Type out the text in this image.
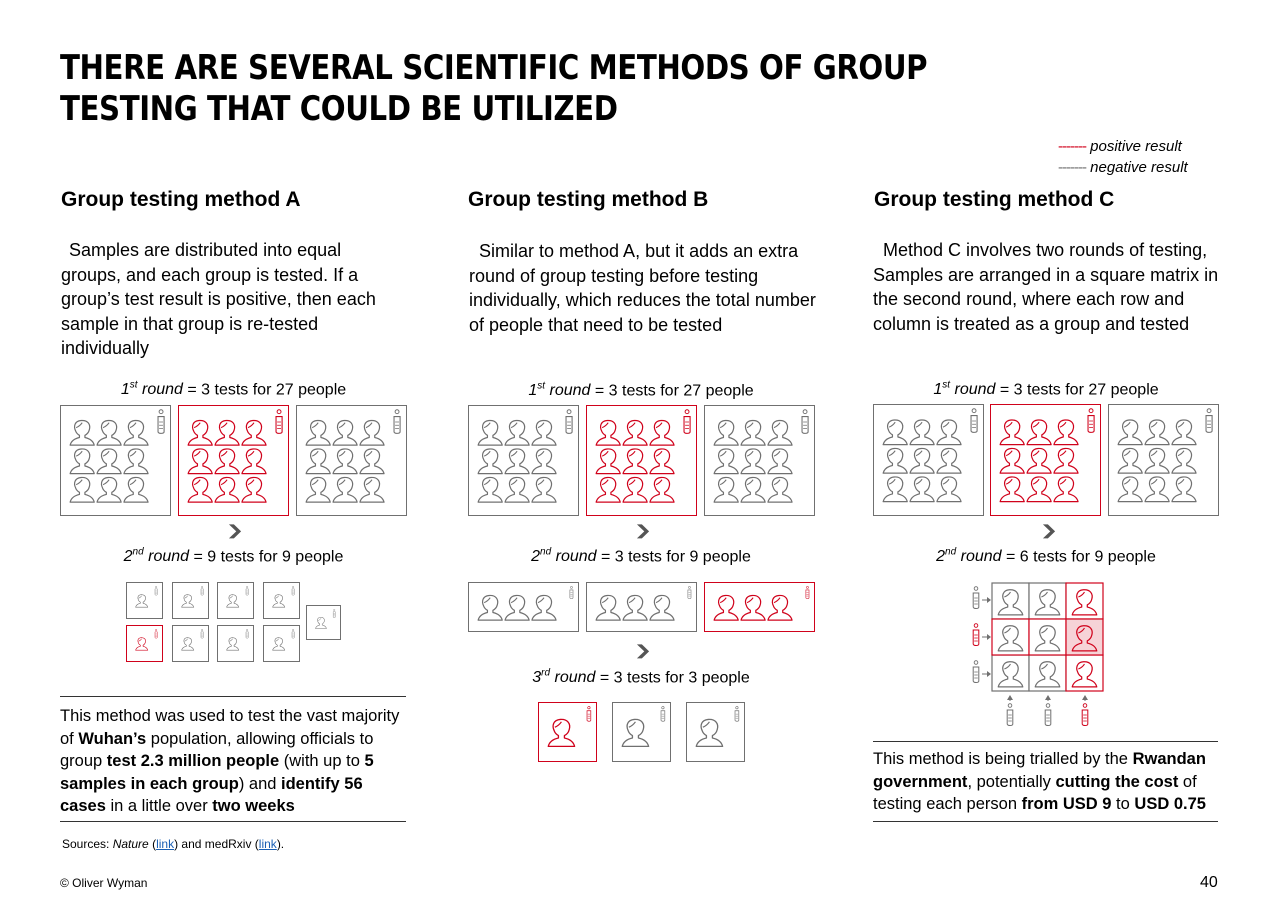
THERE ARE SEVERAL SCIENTIFIC METHODS OF GROUP TESTING THAT COULD BE UTILIZED
------- positive result
------- negative result
Group testing method A
Samples are distributed into equal groups, and each group is tested. If a group’s test result is positive, then each sample in that group is re-tested individually
1st round = 3 tests for 27 people
❯
2nd round = 9 tests for 9 people
This method was used to test the vast majority of Wuhan’s population, allowing officials to group test 2.3 million people (with up to 5 samples in each group) and identify 56 cases in a little over two weeks
Group testing method B
Similar to method A, but it adds an extra round of group testing before testing individually, which reduces the total number of people that need to be tested
1st round = 3 tests for 27 people
❯
2nd round = 3 tests for 9 people
❯
3rd round = 3 tests for 3 people
Group testing method C
Method C involves two rounds of testing, Samples are arranged in a square matrix in the second round, where each row and column is treated as a group and tested
1st round = 3 tests for 27 people
❯
2nd round = 6 tests for 9 people
This method is being trialled by the Rwandan government, potentially cutting the cost of testing each person from USD 9 to USD 0.75
Sources: Nature (link) and medRxiv (link).
© Oliver Wyman	40
